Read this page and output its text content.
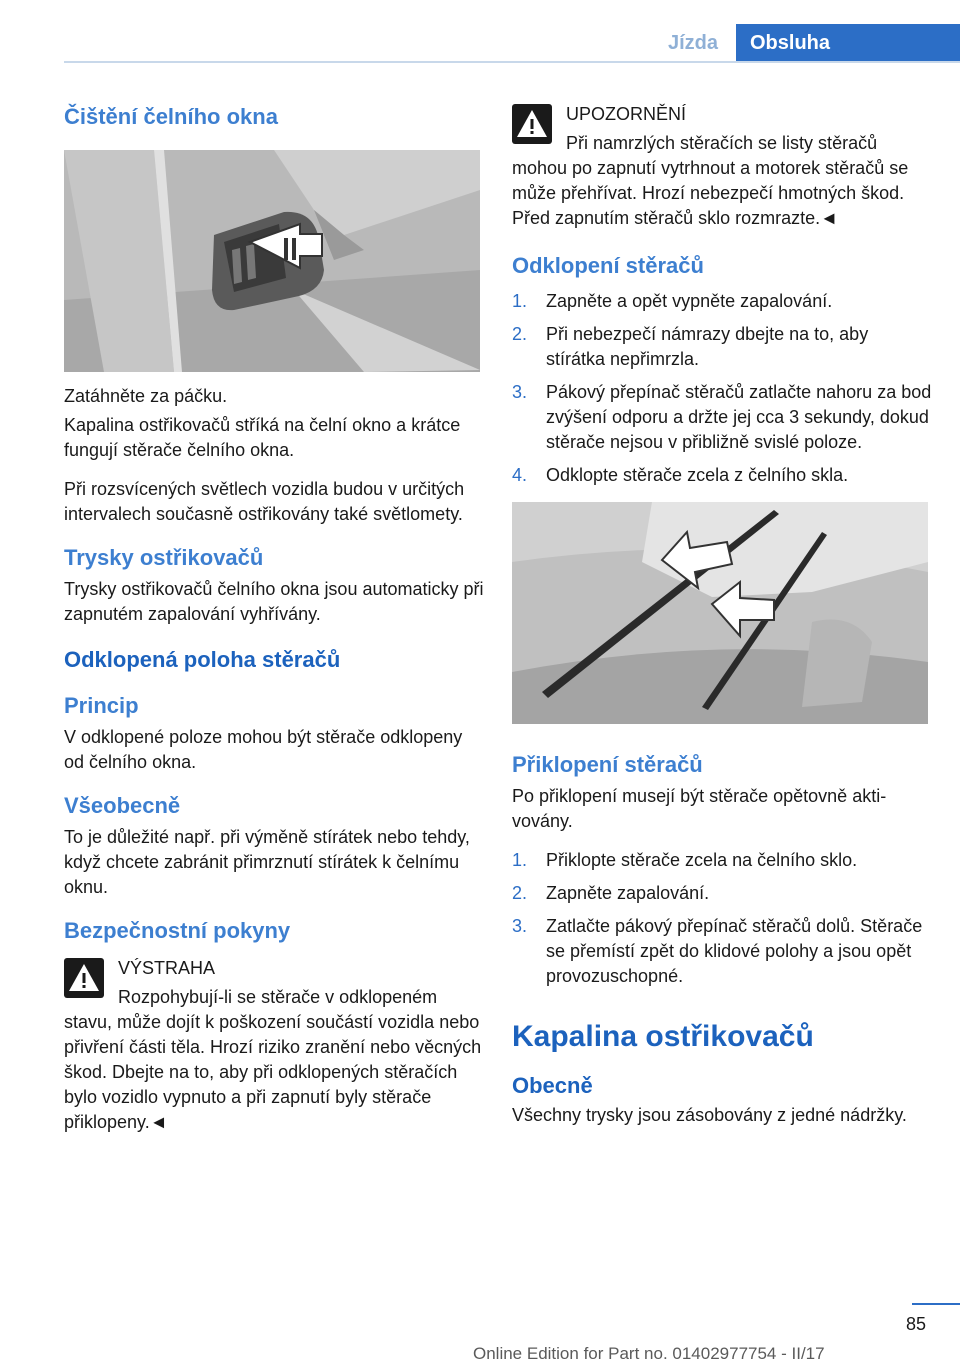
Jízda	Obsluha
Čištění čelního okna

Zatáhněte za páčku.

Kapalina ostřikovačů stříká na čelní okno a krátce fungují stěrače čelního okna.

Při rozsvícených světlech vozidla budou v určitých intervalech současně ostřikovány také světlomety.

Trysky ostřikovačů

Trysky ostřikovačů čelního okna jsou automaticky při zapnutém zapalování vyhřívány.

Odklopená poloha stěračů
Princip

V odklopené poloze mohou být stěrače odklopeny od čelního okna.

Všeobecně

To je důležité např. při výměně stírátek nebo tehdy, když chcete zabránit přimrznutí stírátek k čelnímu oknu.

Bezpečnostní pokyny
VÝSTRAHA
Rozpohybují-li se stěrače v odklopeném stavu, může dojít k poškození součástí vozidla nebo přivření části těla. Hrozí riziko zranění nebo věcných škod. Dbejte na to, aby při odklopených stěračích bylo vozidlo vypnuto a při zapnutí byly stěrače přiklopeny.◄
UPOZORNĚNÍ
Při namrzlých stěračích se listy stěračů mohou po zapnutí vytrhnout a motorek stěračů se může přehřívat. Hrozí nebezpečí hmotných škod. Před zapnutím stěračů sklo rozmrazte.◄
Odklopení stěračů
1.	Zapněte a opět vypněte zapalování.
2.	Při nebezpečí námrazy dbejte na to, aby stírátka nepřimrzla.
3.	Pákový přepínač stěračů zatlačte nahoru za bod zvýšení odporu a držte jej cca 3 sekundy, dokud stěrače nejsou v přibližně svislé poloze.
4.	Odklopte stěrače zcela z čelního skla.
Přiklopení stěračů

Po přiklopení musejí být stěrače opětovně aktivovány.

1.	Přiklopte stěrače zcela na čelního sklo.
2.	Zapněte zapalování.
3.	Zatlačte pákový přepínač stěračů dolů. Stěrače se přemístí zpět do klidové polohy a jsou opět provozuschopné.
Kapalina ostřikovačů
Obecně

Všechny trysky jsou zásobovány z jedné nádržky.

85
Online Edition for Part no. 01402977754 - II/17
